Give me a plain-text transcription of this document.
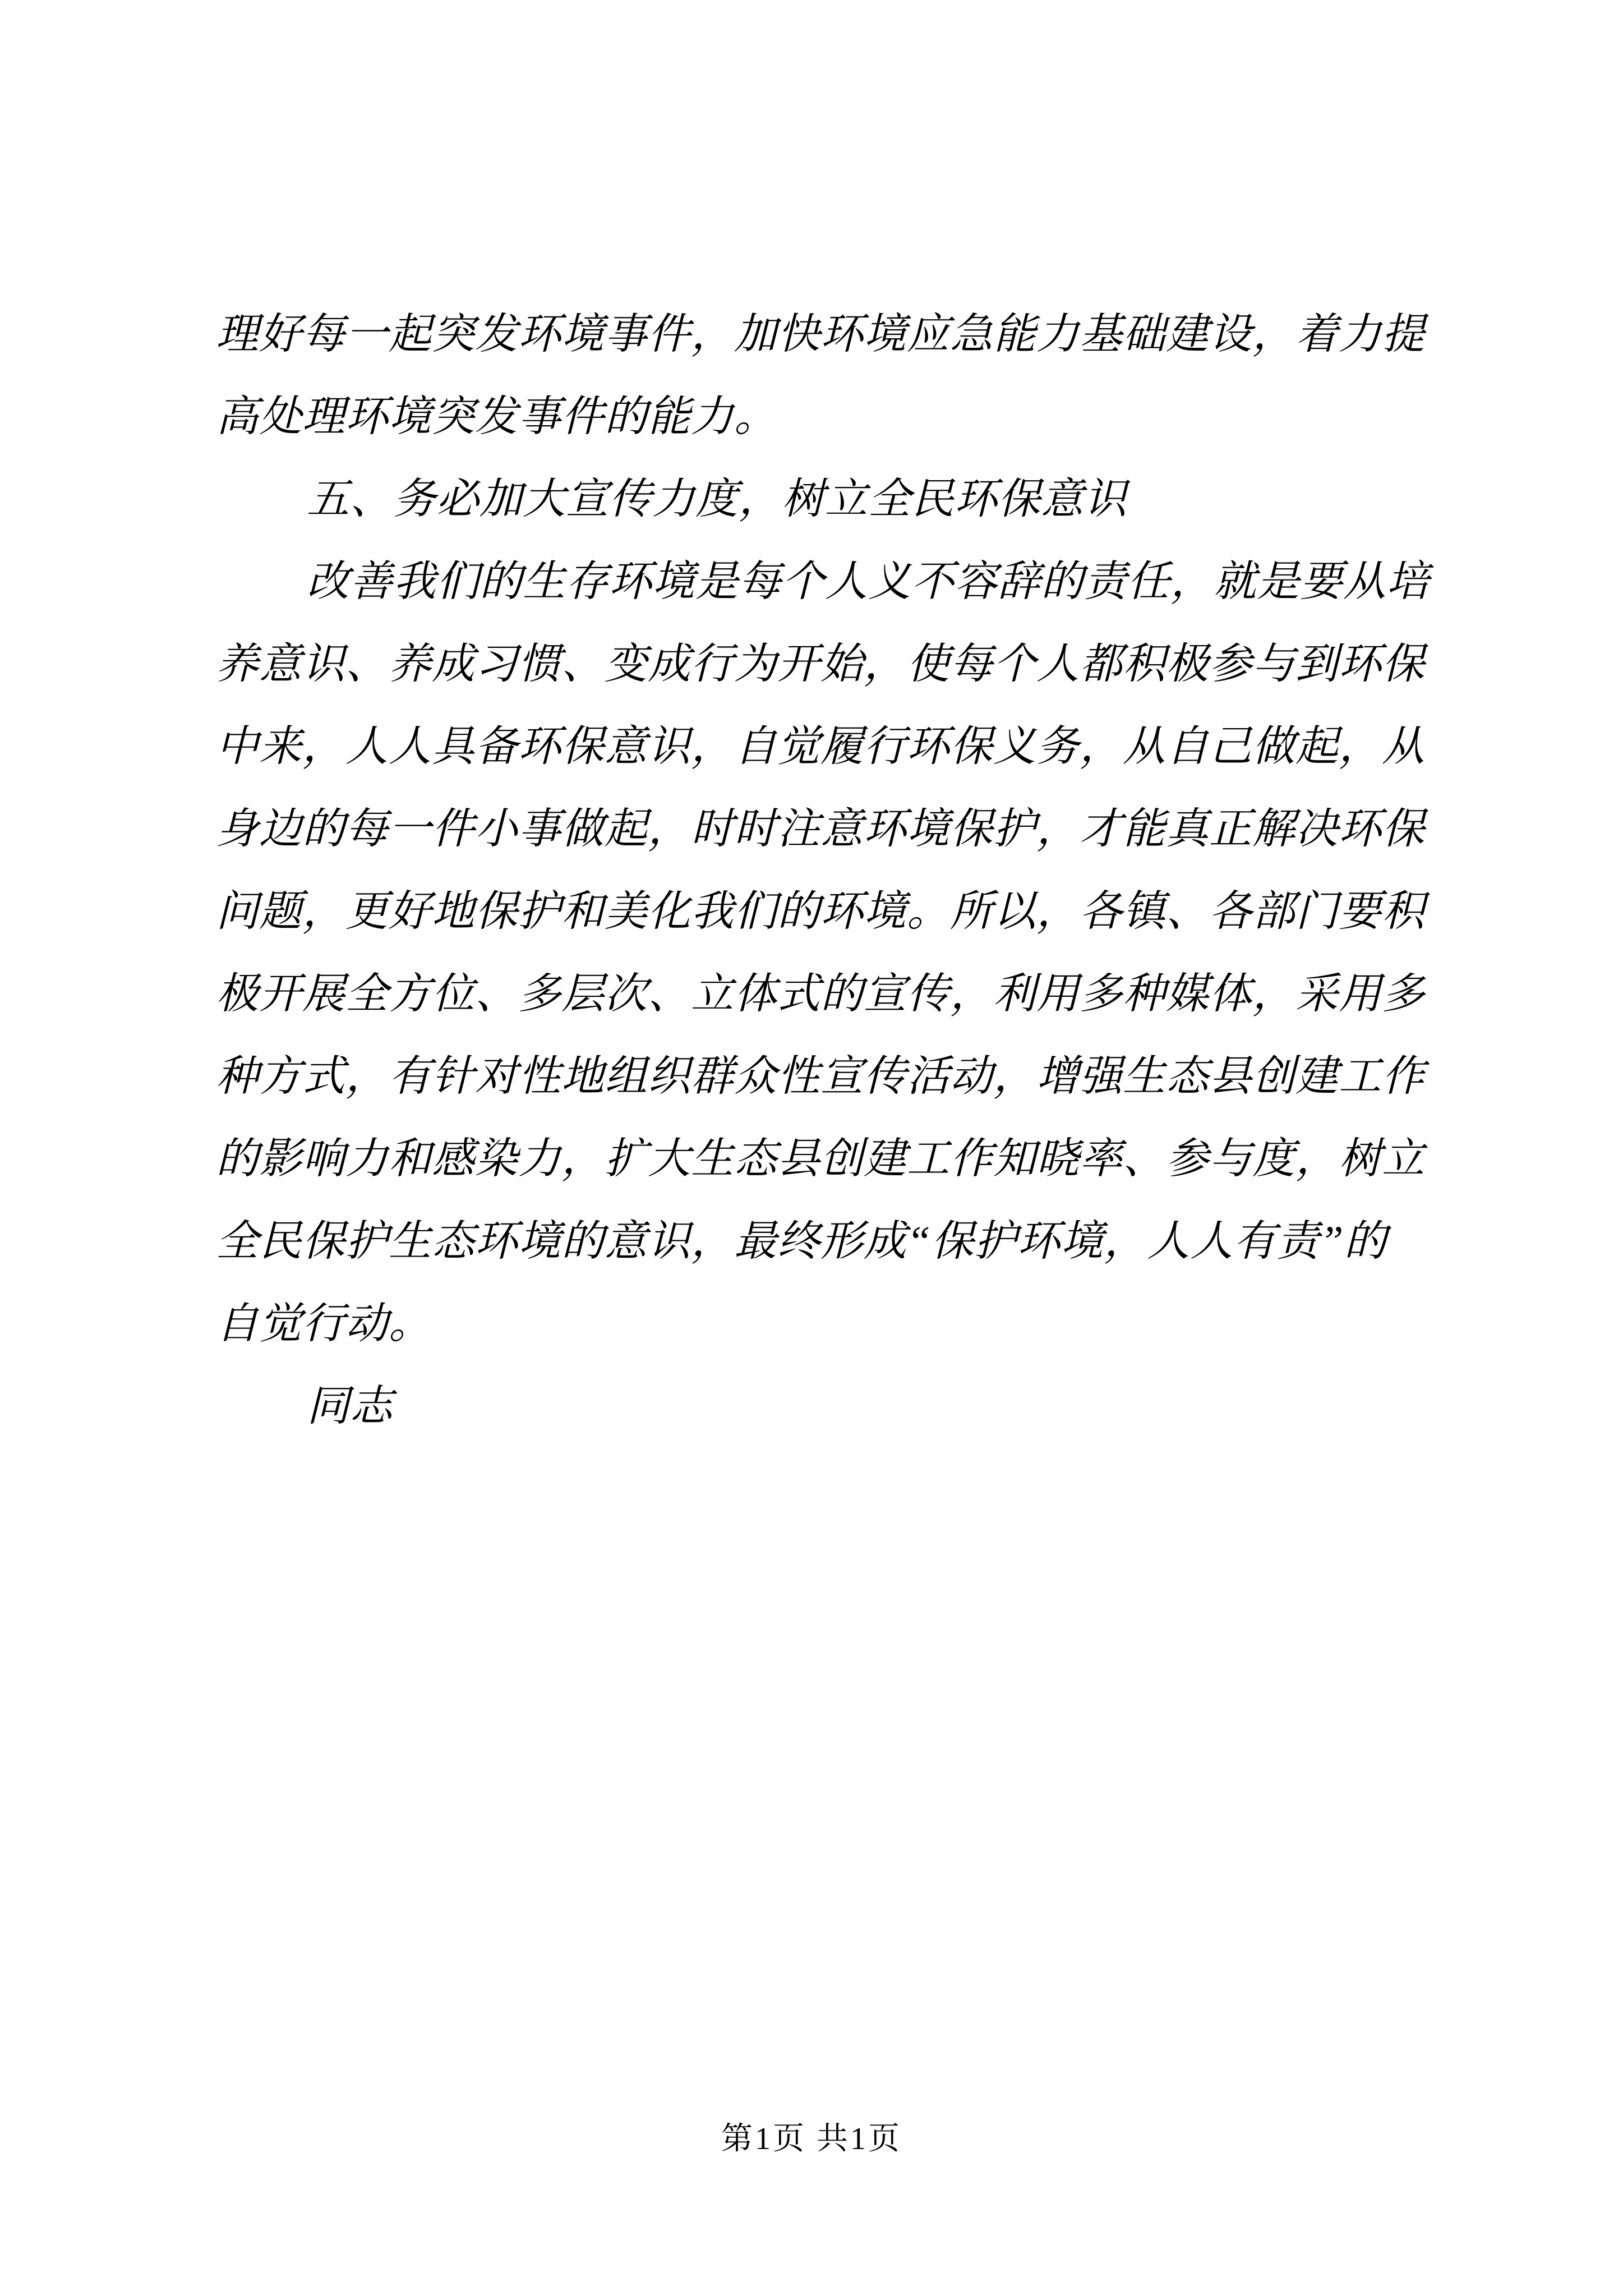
理好每一起突发环境事件，加快环境应急能力基础建设，着力提
高处理环境突发事件的能力。
五、务必加大宣传力度，树立全民环保意识
改善我们的生存环境是每个人义不容辞的责任，就是要从培
养意识、养成习惯、变成行为开始，使每个人都积极参与到环保
中来，人人具备环保意识，自觉履行环保义务，从自己做起，从
身边的每一件小事做起，时时注意环境保护，才能真正解决环保
问题，更好地保护和美化我们的环境。所以，各镇、各部门要积
极开展全方位、多层次、立体式的宣传，利用多种媒体，采用多
种方式，有针对性地组织群众性宣传活动，增强生态县创建工作
的影响力和感染力，扩大生态县创建工作知晓率、参与度，树立
全民保护生态环境的意识，最终形成“保护环境，人人有责”的
自觉行动。
同志
第1页 共1页
